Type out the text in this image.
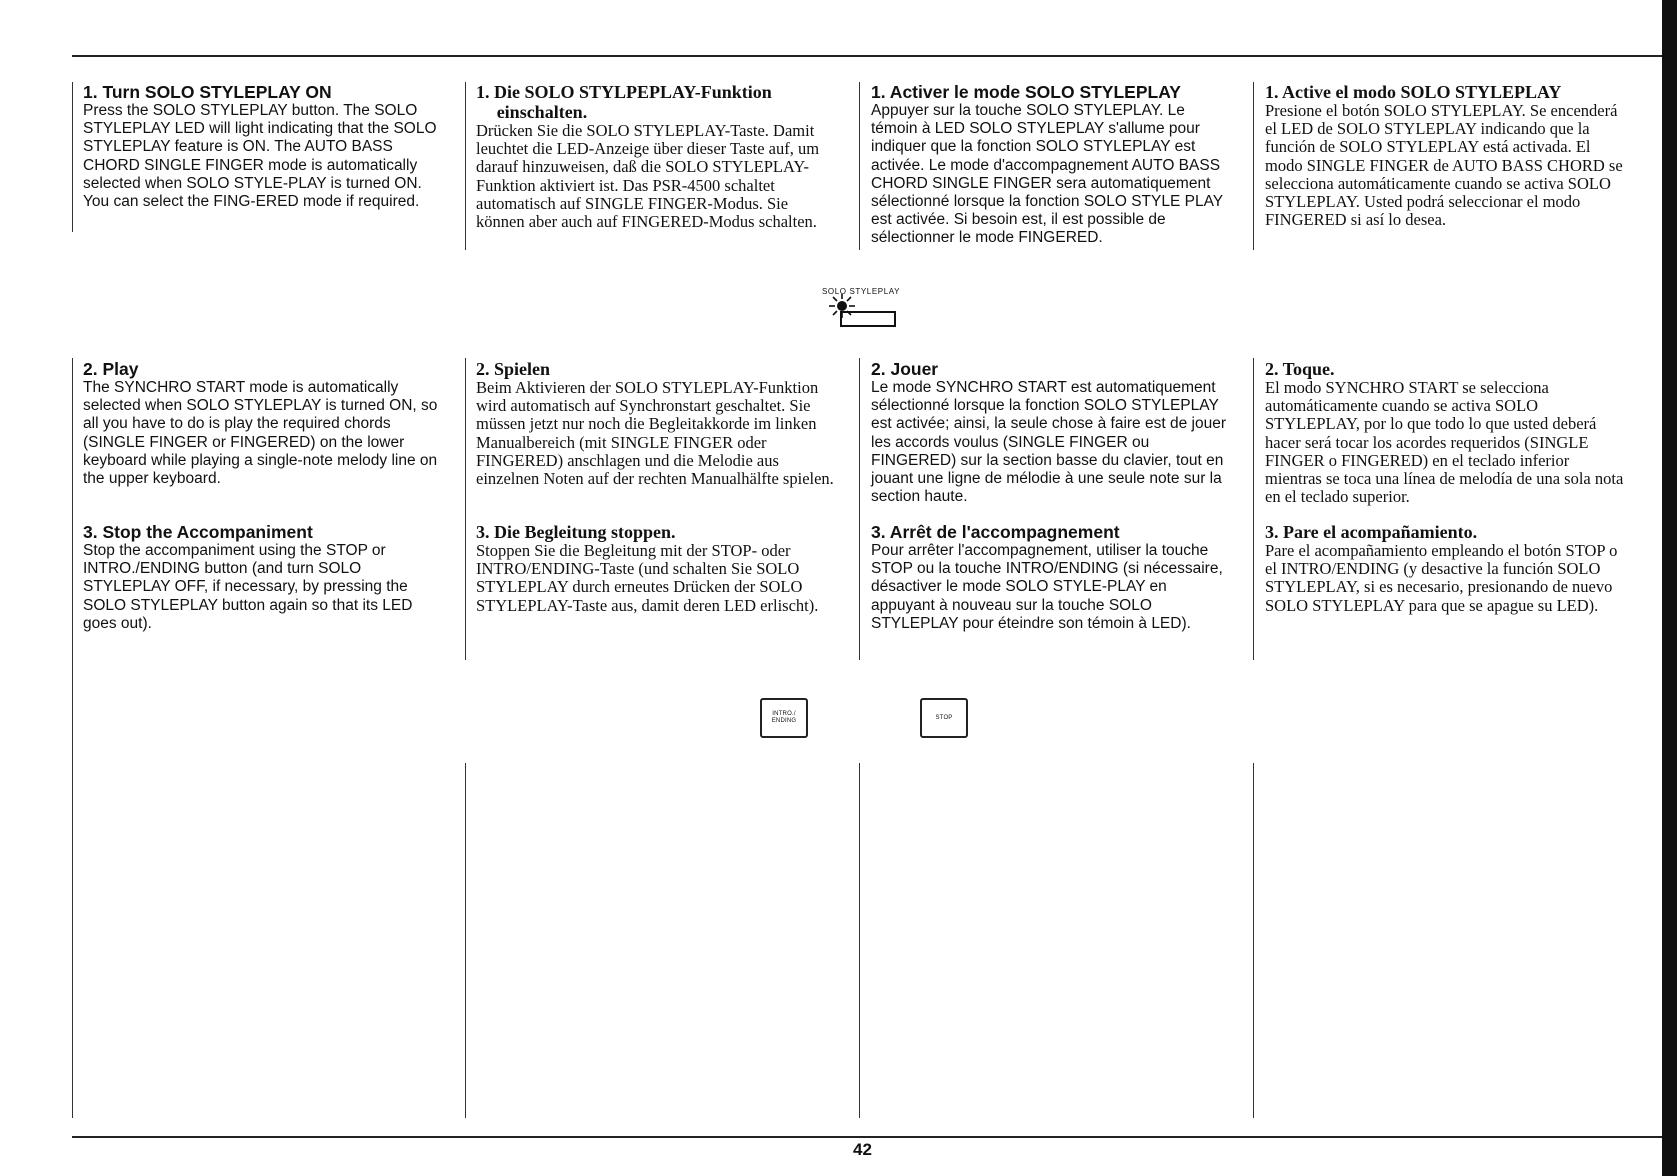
1. Turn SOLO STYLEPLAY ON

Press the SOLO STYLEPLAY button. The SOLO STYLEPLAY LED will light indicating that the SOLO STYLEPLAY feature is ON. The AUTO BASS CHORD SINGLE FINGER mode is automatically selected when SOLO STYLE-PLAY is turned ON. You can select the FING-ERED mode if required.

2. Play

The SYNCHRO START mode is automatically selected when SOLO STYLEPLAY is turned ON, so all you have to do is play the required chords (SINGLE FINGER or FINGERED) on the lower keyboard while playing a single-note melody line on the upper keyboard.

3. Stop the Accompaniment

Stop the accompaniment using the STOP or INTRO./ENDING button (and turn SOLO STYLEPLAY OFF, if necessary, by pressing the SOLO STYLEPLAY button again so that its LED goes out).

1. Die SOLO STYLPEPLAY-Funktion einschalten.

Drücken Sie die SOLO STYLEPLAY-Taste. Damit leuchtet die LED-Anzeige über dieser Taste auf, um darauf hinzuweisen, daß die SOLO STYLEPLAY-Funktion aktiviert ist. Das PSR-4500 schaltet automatisch auf SINGLE FINGER-Modus. Sie können aber auch auf FINGERED-Modus schalten.

2. Spielen

Beim Aktivieren der SOLO STYLEPLAY-Funktion wird automatisch auf Synchronstart geschaltet. Sie müssen jetzt nur noch die Begleitakkorde im linken Manualbereich (mit SINGLE FINGER oder FINGERED) anschlagen und die Melodie aus einzelnen Noten auf der rechten Manualhälfte spielen.

3. Die Begleitung stoppen.

Stoppen Sie die Begleitung mit der STOP- oder INTRO/ENDING-Taste (und schalten Sie SOLO STYLEPLAY durch erneutes Drücken der SOLO STYLEPLAY-Taste aus, damit deren LED erlischt).

1. Activer le mode SOLO STYLEPLAY

Appuyer sur la touche SOLO STYLEPLAY. Le témoin à LED SOLO STYLEPLAY s'allume pour indiquer que la fonction SOLO STYLEPLAY est activée. Le mode d'accompagnement AUTO BASS CHORD SINGLE FINGER sera automatiquement sélectionné lorsque la fonction SOLO STYLE PLAY est activée. Si besoin est, il est possible de sélectionner le mode FINGERED.

2. Jouer

Le mode SYNCHRO START est automatiquement sélectionné lorsque la fonction SOLO STYLEPLAY est activée; ainsi, la seule chose à faire est de jouer les accords voulus (SINGLE FINGER ou FINGERED) sur la section basse du clavier, tout en jouant une ligne de mélodie à une seule note sur la section haute.

3. Arrêt de l'accompagnement

Pour arrêter l'accompagnement, utiliser la touche STOP ou la touche INTRO/ENDING (si nécessaire, désactiver le mode SOLO STYLE-PLAY en appuyant à nouveau sur la touche SOLO STYLEPLAY pour éteindre son témoin à LED).

1. Active el modo SOLO STYLEPLAY

Presione el botón SOLO STYLEPLAY. Se encenderá el LED de SOLO STYLEPLAY indicando que la función de SOLO STYLEPLAY está activada. El modo SINGLE FINGER de AUTO BASS CHORD se selecciona automáticamente cuando se activa SOLO STYLEPLAY. Usted podrá seleccionar el modo FINGERED si así lo desea.

2. Toque.

El modo SYNCHRO START se selecciona automáticamente cuando se activa SOLO STYLEPLAY, por lo que todo lo que usted deberá hacer será tocar los acordes requeridos (SINGLE FINGER o FINGERED) en el teclado inferior mientras se toca una línea de melodía de una sola nota en el teclado superior.

3. Pare el acompañamiento.

Pare el acompañamiento empleando el botón STOP o el INTRO/ENDING (y desactive la función SOLO STYLEPLAY, si es necesario, presionando de nuevo SOLO STYLEPLAY para que se apague su LED).

SOLO STYLEPLAY
INTRO./
ENDING
STOP
42
